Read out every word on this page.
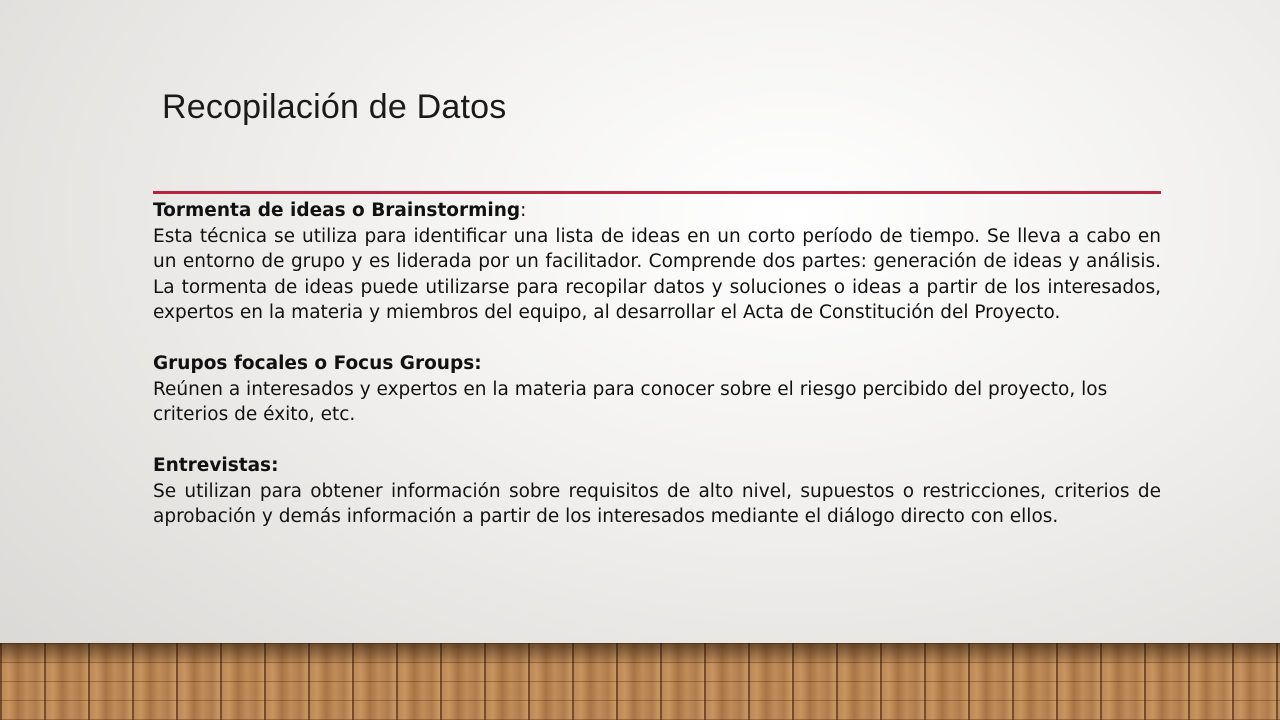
Recopilación de Datos
Tormenta de ideas o Brainstorming:

Esta técnica se utiliza para identificar una lista de ideas en un corto período de tiempo. Se lleva a cabo en un entorno de grupo y es liderada por un facilitador. Comprende dos partes: generación de ideas y análisis. La tormenta de ideas puede utilizarse para recopilar datos y soluciones o ideas a partir de los interesados, expertos en la materia y miembros del equipo, al desarrollar el Acta de Constitución del Proyecto.

Grupos focales o Focus Groups:

Reúnen a interesados y expertos en la materia para conocer sobre el riesgo percibido del proyecto, los criterios de éxito, etc.

Entrevistas:

Se utilizan para obtener información sobre requisitos de alto nivel, supuestos o restricciones, criterios de aprobación y demás información a partir de los interesados mediante el diálogo directo con ellos.
